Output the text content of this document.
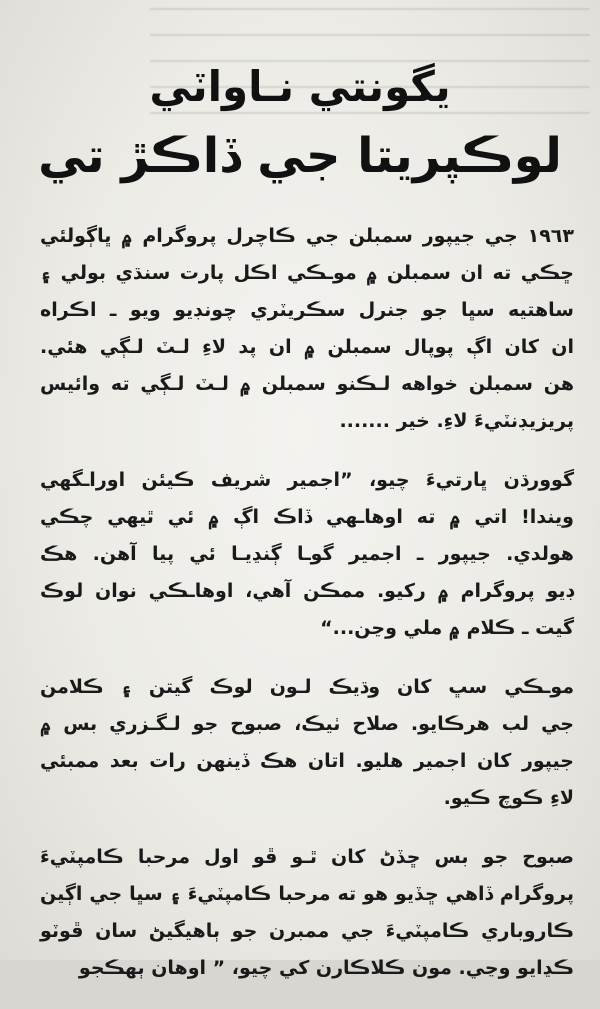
يگونتي نـاواٽي
لوڪپريتا جي ڏاڪڙ تي
١٩٦٣ جي جيپور سمبلن جي ڪاچرل پروگرام ۾ ڀاڳولئي
ڇڪي ته ان سمبلن ۾ موـڪي اڪل پارت سنڌي بولي ۽
ساهتيه سڀا جو جنرل سڪريٽري چونڊيو ويو ـ اڪراه
ان کان اڳ پوپال سمبلن ۾ ان پد لاءِ لـٽ لـڳي هئي.
هن سمبلن خواهه لـڪنو سمبلن ۾ لـٽ لـڳي ته وائيس
پريزيڊنٽيءَ لاءِ. خير .......
گوورڌن ڀارتيءَ چيو، ”اجمير شريف ڪيئن اوراـگهي
ويندا! اتي ۾ ته اوهاـهي ڏاڪ اڳ ۾ ئي ٿيهي چڪي
هولدي. جيپور ـ اجمير گوـا ڳنڍيـا ئي پيا آهن. هڪ
ڊيو پروگرام ۾ رکيو. ممڪن آهي، اوهاـڪي نوان لوڪ
گيت ـ ڪلام ۾ ملي وڃن...“
موـڪي سڀ کان وڌيڪ لـون لوڪ گيتن ۽ ڪلامن
جي لب هرڪايو. صلاح ٺيڪ، صبوح جو لـگـزري بس ۾
جيپور کان اجمير هليو. اتان هڪ ڏينهن رات بعد ممبئي
لاءِ ڪوچ ڪيو.
صبوح جو بس ڇڏڻ کان ٿـو ڦو اول مرحبا ڪامپٽيءَ
پروگرام ڏاهي ڇڏيو هو ته مرحبا ڪامپٽيءَ ۽ سڀا جي اڳين
ڪاروباري ڪامپٽيءَ جي ممبرن جو ٻاهيگيڻ سان ڦوٽو
ڪڍايو وڃي. مون ڪلاڪارن کي چيو، ” اوهان ٻهڪجو
